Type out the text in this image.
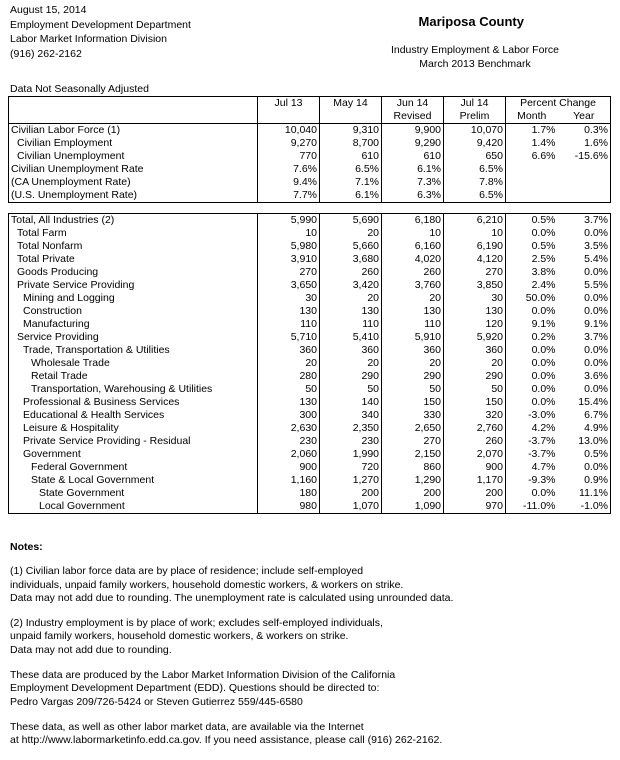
August 15, 2014
Employment Development Department
Labor Market Information Division
(916) 262-2162
Mariposa County
Industry Employment & Labor Force
March 2013 Benchmark
Data Not Seasonally Adjusted
	Jul 13	May 14	Jun 14	Jul 14	Percent Change	
			Revised	Prelim	Month	Year
Civilian Labor Force (1)	10,040	9,310	9,900	10,070	1.7%	0.3%
Civilian Employment	9,270	8,700	9,290	9,420	1.4%	1.6%
Civilian Unemployment	770	610	610	650	6.6%	-15.6%
Civilian Unemployment Rate	7.6%	6.5%	6.1%	6.5%		
(CA Unemployment Rate)	9.4%	7.1%	7.3%	7.8%		
(U.S. Unemployment Rate)	7.7%	6.1%	6.3%	6.5%		

Total, All Industries (2)	5,990	5,690	6,180	6,210	0.5%	3.7%
Total Farm	10	20	10	10	0.0%	0.0%
Total Nonfarm	5,980	5,660	6,160	6,190	0.5%	3.5%
Total Private	3,910	3,680	4,020	4,120	2.5%	5.4%
Goods Producing	270	260	260	270	3.8%	0.0%
Private Service Providing	3,650	3,420	3,760	3,850	2.4%	5.5%
Mining and Logging	30	20	20	30	50.0%	0.0%
Construction	130	130	130	130	0.0%	0.0%
Manufacturing	110	110	110	120	9.1%	9.1%
Service Providing	5,710	5,410	5,910	5,920	0.2%	3.7%
Trade, Transportation & Utilities	360	360	360	360	0.0%	0.0%
Wholesale Trade	20	20	20	20	0.0%	0.0%
Retail Trade	280	290	290	290	0.0%	3.6%
Transportation, Warehousing & Utilities	50	50	50	50	0.0%	0.0%
Professional & Business Services	130	140	150	150	0.0%	15.4%
Educational & Health Services	300	340	330	320	-3.0%	6.7%
Leisure & Hospitality	2,630	2,350	2,650	2,760	4.2%	4.9%
Private Service Providing - Residual	230	230	270	260	-3.7%	13.0%
Government	2,060	1,990	2,150	2,070	-3.7%	0.5%
Federal Government	900	720	860	900	4.7%	0.0%
State & Local Government	1,160	1,270	1,290	1,170	-9.3%	0.9%
State Government	180	200	200	200	0.0%	11.1%
Local Government	980	1,070	1,090	970	-11.0%	-1.0%
Notes:

(1) Civilian labor force data are by place of residence; include self-employed
individuals, unpaid family workers, household domestic workers, & workers on strike.
Data may not add due to rounding. The unemployment rate is calculated using unrounded data.

(2) Industry employment is by place of work; excludes self-employed individuals,
unpaid family workers, household domestic workers, & workers on strike.
Data may not add due to rounding.

These data are produced by the Labor Market Information Division of the California
Employment Development Department (EDD). Questions should be directed to:
Pedro Vargas 209/726-5424 or Steven Gutierrez 559/445-6580

These data, as well as other labor market data, are available via the Internet
at http://www.labormarketinfo.edd.ca.gov. If you need assistance, please call (916) 262-2162.
